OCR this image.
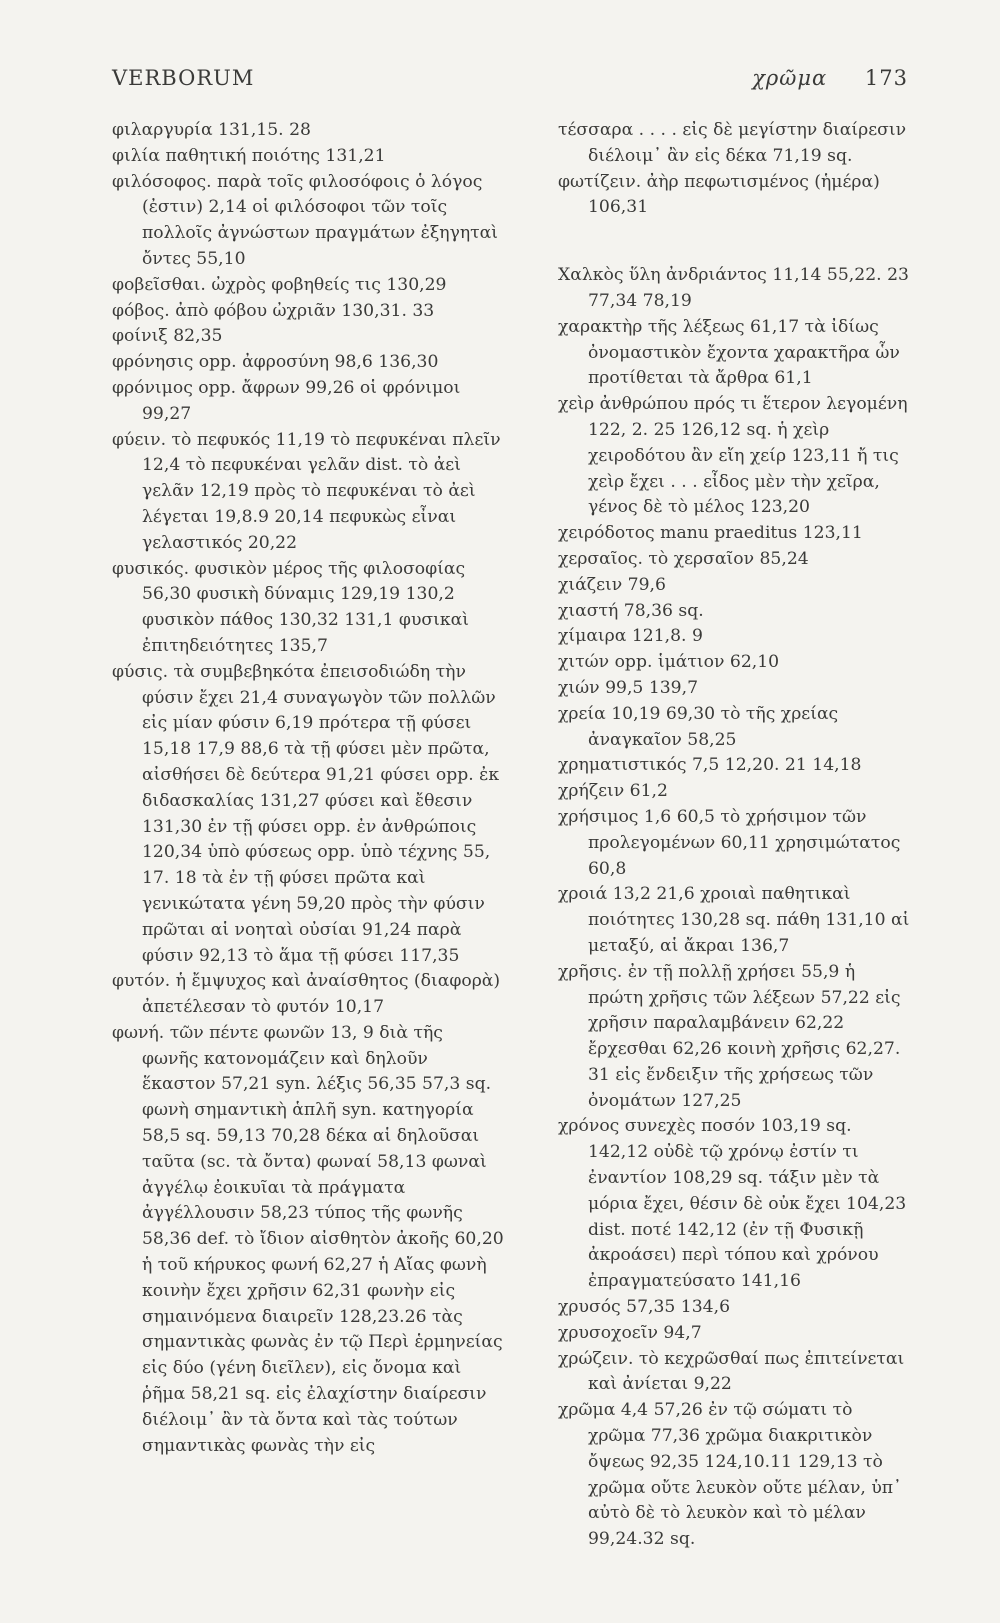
VERBORUM	χρῶμα 173

φιλαργυρία 131,15. 28

φιλία παθητική ποιότης 131,21

φιλόσοφος. παρὰ τοῖς φιλοσόφοις ὁ λόγος (ἐστιν) 2,14 οἱ φιλόσοφοι τῶν τοῖς πολλοῖς ἀγνώστων πραγμάτων ἐξηγηταὶ ὄντες 55,10

φοβεῖσθαι. ὠχρὸς φοβηθείς τις 130,29

φόβος. ἀπὸ φόβου ὠχριᾶν 130,31. 33

φοίνιξ 82,35

φρόνησις opp. ἀφροσύνη 98,6 136,30

φρόνιμος opp. ἄφρων 99,26 οἱ φρόνιμοι 99,27

φύειν. τὸ πεφυκός 11,19 τὸ πεφυκέναι πλεῖν 12,4 τὸ πεφυκέναι γελᾶν dist. τὸ ἀεὶ γελᾶν 12,19 πρὸς τὸ πεφυκέναι τὸ ἀεὶ λέγεται 19,8.9 20,14 πεφυκὼς εἶναι γελαστικός 20,22

φυσικός. φυσικὸν μέρος τῆς φιλοσοφίας 56,30 φυσικὴ δύναμις 129,19 130,2 φυσικὸν πάθος 130,32 131,1 φυσικαὶ ἐπιτηδειότητες 135,7

φύσις. τὰ συμβεβηκότα ἐπεισοδιώδη τὴν φύσιν ἔχει 21,4 συναγωγὸν τῶν πολλῶν εἰς μίαν φύσιν 6,19 πρότερα τῇ φύσει 15,18 17,9 88,6 τὰ τῇ φύσει μὲν πρῶτα, αἰσθήσει δὲ δεύτερα 91,21 φύσει opp. ἐκ διδασκαλίας 131,27 φύσει καὶ ἔθεσιν 131,30 ἐν τῇ φύσει opp. ἐν ἀνθρώποις 120,34 ὑπὸ φύσεως opp. ὑπὸ τέχνης 55, 17. 18 τὰ ἐν τῇ φύσει πρῶτα καὶ γενικώτατα γένη 59,20 πρὸς τὴν φύσιν πρῶται αἱ νοηταὶ οὐσίαι 91,24 παρὰ φύσιν 92,13 τὸ ἅμα τῇ φύσει 117,35

φυτόν. ἡ ἔμψυχος καὶ ἀναίσθητος (διαφορὰ) ἀπετέλεσαν τὸ φυτόν 10,17

φωνή. τῶν πέντε φωνῶν 13, 9 διὰ τῆς φωνῆς κατονομάζειν καὶ δηλοῦν ἕκαστον 57,21 syn. λέξις 56,35 57,3 sq. φωνὴ σημαντικὴ ἁπλῆ syn. κατηγορία 58,5 sq. 59,13 70,28 δέκα αἱ δηλοῦσαι ταῦτα (sc. τὰ ὄντα) φωναί 58,13 φωναὶ ἀγγέλῳ ἐοικυῖαι τὰ πράγματα ἀγγέλλουσιν 58,23 τύπος τῆς φωνῆς 58,36 def. τὸ ἴδιον αἰσθητὸν ἀκοῆς 60,20 ἡ τοῦ κήρυκος φωνή 62,27 ἡ Αἴας φωνὴ κοινὴν ἔχει χρῆσιν 62,31 φωνὴν εἰς σημαινόμενα διαιρεῖν 128,23.26 τὰς σημαντικὰς φωνὰς ἐν τῷ Περὶ ἑρμηνείας εἰς δύο (γένη διεῖλεν), εἰς ὄνομα καὶ ῥῆμα 58,21 sq. εἰς ἐλαχίστην διαίρεσιν διέλοιμ᾽ ἂν τὰ ὄντα καὶ τὰς τούτων σημαντικὰς φωνὰς τὴν εἰς

τέσσαρα . . . . εἰς δὲ μεγίστην διαίρεσιν διέλοιμ᾽ ἂν εἰς δέκα 71,19 sq.

φωτίζειν. ἀὴρ πεφωτισμένος (ἡμέρα) 106,31

Χαλκὸς ὕλη ἀνδριάντος 11,14 55,22. 23 77,34 78,19

χαρακτὴρ τῆς λέξεως 61,17 τὰ ἰδίως ὀνομαστικὸν ἔχοντα χαρακτῆρα ὧν προτίθεται τὰ ἄρθρα 61,1

χεὶρ ἀνθρώπου πρός τι ἕτερον λεγομένη 122, 2. 25 126,12 sq. ἡ χεὶρ χειροδότου ἂν εἴη χείρ 123,11 ἤ τις χεὶρ ἔχει . . . εἶδος μὲν τὴν χεῖρα, γένος δὲ τὸ μέλος 123,20

χειρόδοτος manu praeditus 123,11

χερσαῖος. τὸ χερσαῖον 85,24

χιάζειν 79,6

χιαστή 78,36 sq.

χίμαιρα 121,8. 9

χιτών opp. ἱμάτιον 62,10

χιών 99,5 139,7

χρεία 10,19 69,30 τὸ τῆς χρείας ἀναγκαῖον 58,25

χρηματιστικός 7,5 12,20. 21 14,18

χρήζειν 61,2

χρήσιμος 1,6 60,5 τὸ χρήσιμον τῶν προλεγομένων 60,11 χρησιμώτατος 60,8

χροιά 13,2 21,6 χροιαὶ παθητικαὶ ποιότητες 130,28 sq. πάθη 131,10 αἱ μεταξύ, αἱ ἄκραι 136,7

χρῆσις. ἐν τῇ πολλῇ χρήσει 55,9 ἡ πρώτη χρῆσις τῶν λέξεων 57,22 εἰς χρῆσιν παραλαμβάνειν 62,22 ἔρχεσθαι 62,26 κοινὴ χρῆσις 62,27. 31 εἰς ἔνδειξιν τῆς χρήσεως τῶν ὀνομάτων 127,25

χρόνος συνεχὲς ποσόν 103,19 sq. 142,12 οὐδὲ τῷ χρόνῳ ἐστίν τι ἐναντίον 108,29 sq. τάξιν μὲν τὰ μόρια ἔχει, θέσιν δὲ οὐκ ἔχει 104,23 dist. ποτέ 142,12 (ἐν τῇ Φυσικῇ ἀκροάσει) περὶ τόπου καὶ χρόνου ἐπραγματεύσατο 141,16

χρυσός 57,35 134,6

χρυσοχοεῖν 94,7

χρώζειν. τὸ κεχρῶσθαί πως ἐπιτείνεται καὶ ἀνίεται 9,22

χρῶμα 4,4 57,26 ἐν τῷ σώματι τὸ χρῶμα 77,36 χρῶμα διακριτικὸν ὄψεως 92,35 124,10.11 129,13 τὸ χρῶμα οὔτε λευκὸν οὔτε μέλαν, ὑπ᾽ αὐτὸ δὲ τὸ λευκὸν καὶ τὸ μέλαν 99,24.32 sq.
